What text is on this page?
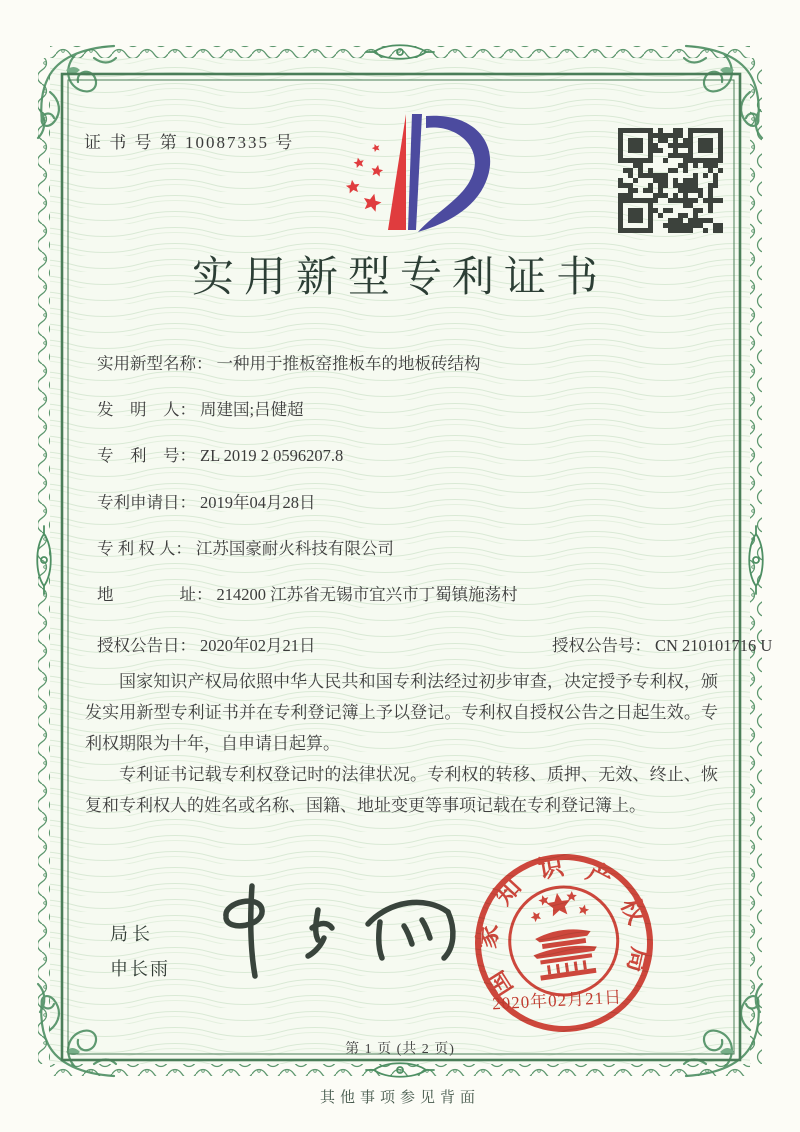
证 书 号 第 10087335 号
实用新型专利证书
实用新型名称： 一种用于推板窑推板车的地板砖结构
发　明　人： 周建国;吕健超
专　利　号： ZL 2019 2 0596207.8
专利申请日： 2019年04月28日
专 利 权 人： 江苏国豪耐火科技有限公司
地　　　　址： 214200 江苏省无锡市宜兴市丁蜀镇施荡村
授权公告日： 2020年02月21日	授权公告号： CN 210101716 U

国家知识产权局依照中华人民共和国专利法经过初步审查，决定授予专利权，颁发实用新型专利证书并在专利登记簿上予以登记。专利权自授权公告之日起生效。专利权期限为十年，自申请日起算。

专利证书记载专利权登记时的法律状况。专利权的转移、质押、无效、终止、恢复和专利权人的姓名或名称、国籍、地址变更等事项记载在专利登记簿上。

局长
申长雨	国家知识产权局
2020年02月21日
第 1 页 (共 2 页)
其他事项参见背面
